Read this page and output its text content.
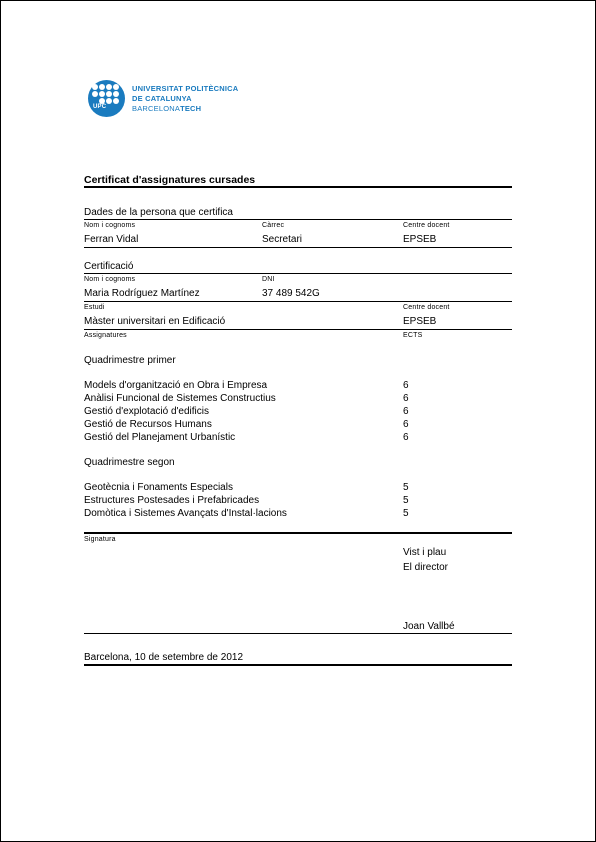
UPC
UNIVERSITAT POLITÈCNICA
DE CATALUNYA
BARCELONATECH
Certificat d'assignatures cursades
Dades de la persona que certifica
Nom i cognoms	Càrrec	Centre docent
Ferran Vidal	Secretari	EPSEB
Certificació
Nom i cognoms	DNI
Maria Rodríguez Martínez	37 489 542G
Estudi	Centre docent
Màster universitari en Edificació	EPSEB
Assignatures	ECTS
Quadrimestre primer
Models d'organització en Obra i Empresa	6
Anàlisi Funcional de Sistemes Constructius	6
Gestió d'explotació d'edificis	6
Gestió de Recursos Humans	6
Gestió del Planejament Urbanístic	6
Quadrimestre segon
Geotècnia i Fonaments Especials	5
Estructures Postesades i Prefabricades	5
Domòtica i Sistemes Avançats d'Instal·lacions	5
Signatura
Vist i plau
El director
Joan Vallbé
Barcelona, 10 de setembre de 2012
